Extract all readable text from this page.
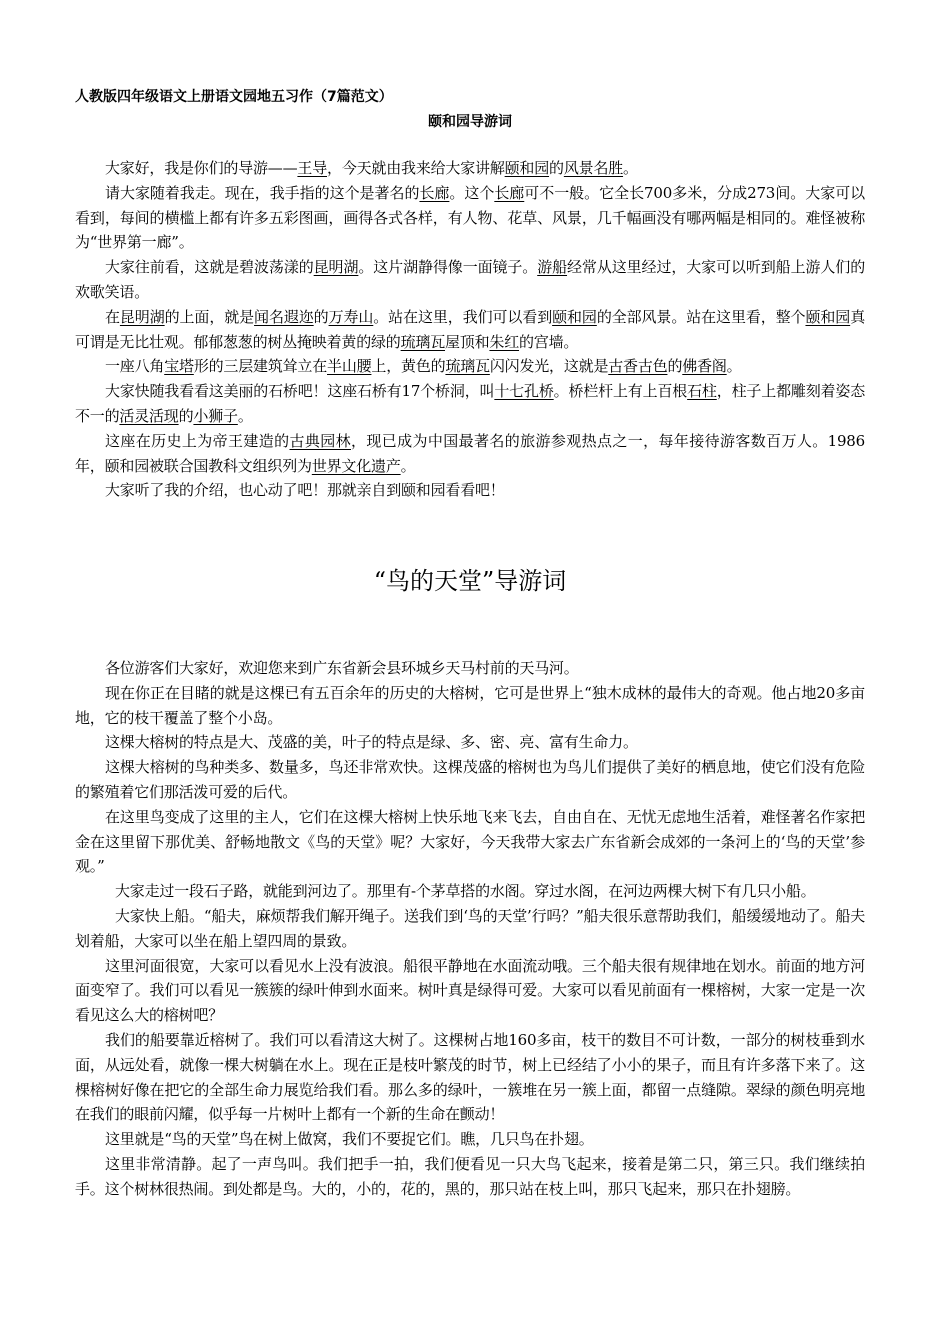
人教版四年级语文上册语文园地五习作（7篇范文）
颐和园导游词

大家好，我是你们的导游——王导，今天就由我来给大家讲解颐和园的风景名胜。

请大家随着我走。现在，我手指的这个是著名的长廊。这个长廊可不一般。它全长700多米，分成273间。大家可以看到，每间的横槛上都有许多五彩图画，画得各式各样，有人物、花草、风景，几千幅画没有哪两幅是相同的。难怪被称为“世界第一廊”。

大家往前看，这就是碧波荡漾的昆明湖。这片湖静得像一面镜子。游船经常从这里经过，大家可以听到船上游人们的欢歌笑语。

在昆明湖的上面，就是闻名遐迩的万寿山。站在这里，我们可以看到颐和园的全部风景。站在这里看，整个颐和园真可谓是无比壮观。郁郁葱葱的树丛掩映着黄的绿的琉璃瓦屋顶和朱红的宫墙。

一座八角宝塔形的三层建筑耸立在半山腰上，黄色的琉璃瓦闪闪发光，这就是古香古色的佛香阁。

大家快随我看看这美丽的石桥吧！这座石桥有17个桥洞，叫十七孔桥。桥栏杆上有上百根石柱，柱子上都雕刻着姿态不一的活灵活现的小狮子。

这座在历史上为帝王建造的古典园林，现已成为中国最著名的旅游参观热点之一，每年接待游客数百万人。1986年，颐和园被联合国教科文组织列为世界文化遗产。

大家听了我的介绍，也心动了吧！那就亲自到颐和园看看吧！

“鸟的天堂”导游词

各位游客们大家好，欢迎您来到广东省新会县环城乡天马村前的天马河。

现在你正在目睹的就是这棵已有五百余年的历史的大榕树，它可是世界上“独木成林的最伟大的奇观。他占地20多亩地，它的枝干覆盖了整个小岛。

这棵大榕树的特点是大、茂盛的美，叶子的特点是绿、多、密、亮、富有生命力。

这棵大榕树的鸟种类多、数量多，鸟还非常欢快。这棵茂盛的榕树也为鸟儿们提供了美好的栖息地，使它们没有危险的繁殖着它们那活泼可爱的后代。

在这里鸟变成了这里的主人，它们在这棵大榕树上快乐地飞来飞去，自由自在、无忧无虑地生活着，难怪著名作家把金在这里留下那优美、舒畅地散文《鸟的天堂》呢？大家好，今天我带大家去广东省新会成郊的一条河上的‘鸟的天堂’参观。”

大家走过一段石子路，就能到河边了。那里有-个茅草搭的水阁。穿过水阁，在河边两棵大树下有几只小船。

大家快上船。“船夫，麻烦帮我们解开绳子。送我们到‘鸟的天堂’行吗？”船夫很乐意帮助我们，船缓缓地动了。船夫划着船，大家可以坐在船上望四周的景致。

这里河面很宽，大家可以看见水上没有波浪。船很平静地在水面流动哦。三个船夫很有规律地在划水。前面的地方河面变窄了。我们可以看见一簇簇的绿叶伸到水面来。树叶真是绿得可爱。大家可以看见前面有一棵榕树，大家一定是一次看见这么大的榕树吧？

我们的船要靠近榕树了。我们可以看清这大树了。这棵树占地160多亩，枝干的数目不可计数，一部分的树枝垂到水面，从远处看，就像一棵大树躺在水上。现在正是枝叶繁茂的时节，树上已经结了小小的果子，而且有许多落下来了。这棵榕树好像在把它的全部生命力展览给我们看。那么多的绿叶，一簇堆在另一簇上面，都留一点缝隙。翠绿的颜色明亮地在我们的眼前闪耀，似乎每一片树叶上都有一个新的生命在颤动！

这里就是“鸟的天堂”鸟在树上做窝，我们不要捉它们。瞧，几只鸟在扑翅。

这里非常清静。起了一声鸟叫。我们把手一拍，我们便看见一只大鸟飞起来，接着是第二只，第三只。我们继续拍手。这个树林很热闹。到处都是鸟。大的，小的，花的，黑的，那只站在枝上叫，那只飞起来，那只在扑翅膀。
